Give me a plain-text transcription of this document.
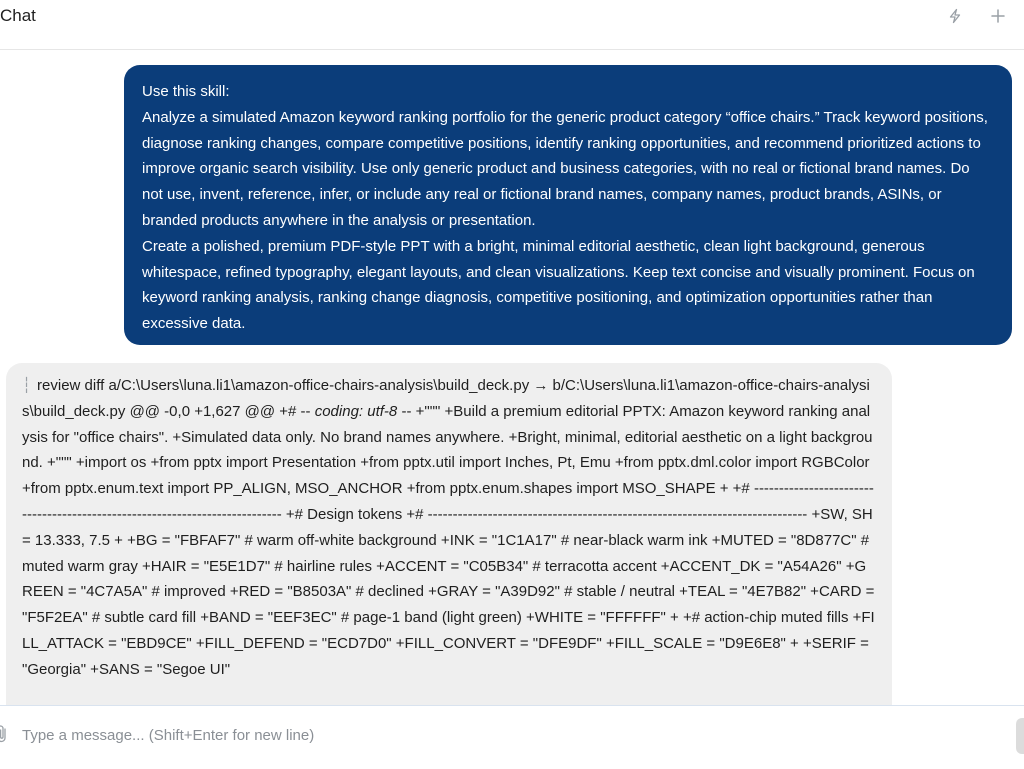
Chat

Use this skill:

Analyze a simulated Amazon keyword ranking portfolio for the generic product category “office chairs.” Track keyword positions, diagnose ranking changes, compare competitive positions, identify ranking opportunities, and recommend prioritized actions to improve organic search visibility. Use only generic product and business categories, with no real or fictional brand names. Do not use, invent, reference, infer, or include any real or fictional brand names, company names, product brands, ASINs, or branded products anywhere in the analysis or presentation.

Create a polished, premium PDF-style PPT with a bright, minimal editorial aesthetic, clean light background, generous whitespace, refined typography, elegant layouts, and clean visualizations. Keep text concise and visually prominent. Focus on keyword ranking analysis, ranking change diagnosis, competitive positioning, and optimization opportunities rather than excessive data.

┆ review diff a/C:\Users\luna.li1\amazon-office-chairs-analysis\build_deck.py → b/C:\Users\luna.li1\amazon-office-chairs-analysis\build_deck.py @@ -0,0 +1,627 @@ +# -- coding: utf-8 -- +""" +Build a premium editorial PPTX: Amazon keyword ranking analysis for "office chairs". +Simulated data only. No brand names anywhere. +Bright, minimal, editorial aesthetic on a light background. +""" +import os +from pptx import Presentation +from pptx.util import Inches, Pt, Emu +from pptx.dml.color import RGBColor +from pptx.enum.text import PP_ALIGN, MSO_ANCHOR +from pptx.enum.shapes import MSO_SHAPE + +# ---------------------------------------------------------------------------- +# Design tokens +# ---------------------------------------------------------------------------- +SW, SH = 13.333, 7.5 + +BG = "FBFAF7" # warm off-white background +INK = "1C1A17" # near-black warm ink +MUTED = "8D877C" # muted warm gray +HAIR = "E5E1D7" # hairline rules +ACCENT = "C05B34" # terracotta accent +ACCENT_DK = "A54A26" +GREEN = "4C7A5A" # improved +RED = "B8503A" # declined +GRAY = "A39D92" # stable / neutral +TEAL = "4E7B82" +CARD = "F5F2EA" # subtle card fill +BAND = "EEF3EC" # page-1 band (light green) +WHITE = "FFFFFF" + +# action-chip muted fills +FILL_ATTACK = "EBD9CE" +FILL_DEFEND = "ECD7D0" +FILL_CONVERT = "DFE9DF" +FILL_SCALE = "D9E6E8" + +SERIF = "Georgia" +SANS = "Segoe UI"
Type a message... (Shift+Enter for new line)
